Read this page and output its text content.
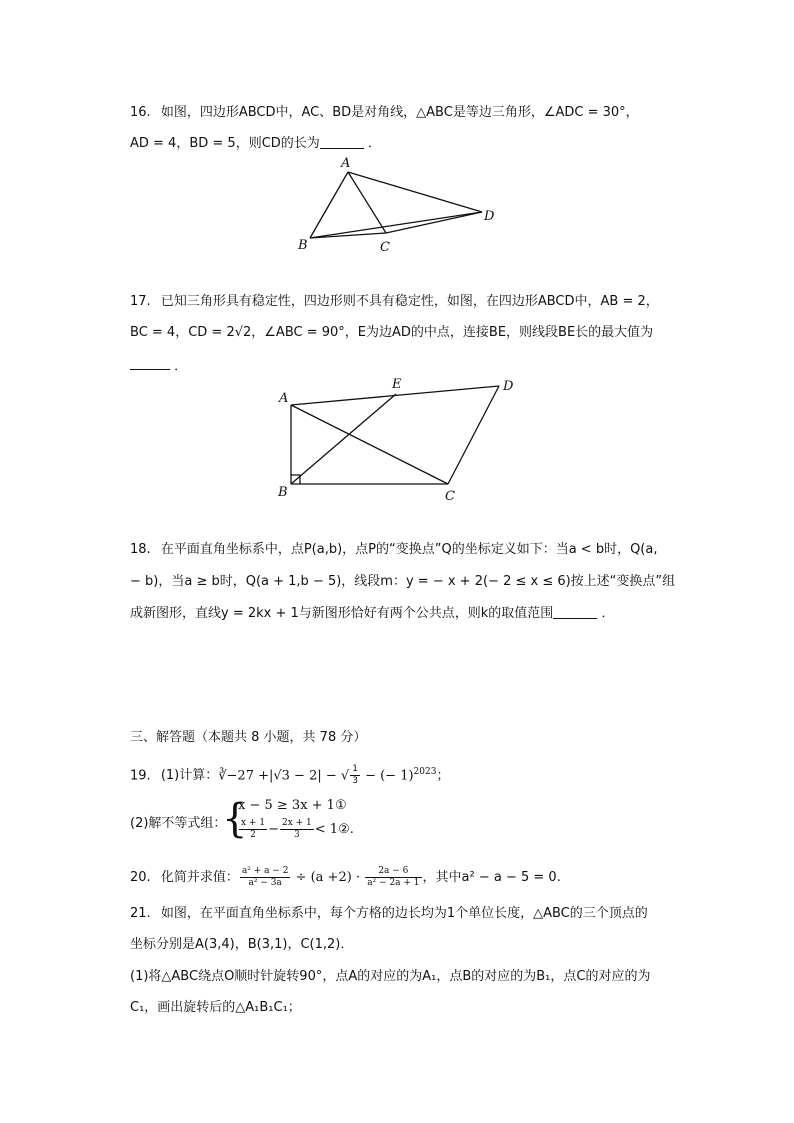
16. 如图，四边形ABCD中，AC、BD是对角线，△ABC是等边三角形，∠ADC = 30°，
AD = 4，BD = 5，则CD的长为	．
A
B	C
D
17. 已知三角形具有稳定性，四边形则不具有稳定性，如图，在四边形ABCD中，AB = 2，
BC = 4，CD = 2√2，∠ABC = 90°，E为边AD的中点，连接BE，则线段BE长的最大值为
．
A
B	C
D
E
18. 在平面直角坐标系中，点P(a,b)，点P的“变换点”Q的坐标定义如下：当a < b时，Q(a,
− b)，当a ≥ b时，Q(a + 1,b − 5)，线段m：y = − x + 2(− 2 ≤ x ≤ 6)按上述“变换点”组
成新图形，直线y = 2kx + 1与新图形恰好有两个公共点，则k的取值范围	．
三、解答题（本题共 8 小题，共 78 分）
19. (1)计算：∛−27 +|√3 − 2| − √ $\frac{1}{3}$ − (− 1)$^{2023}$；
(2)解不等式组：
{
x − 5 ≥ 3x + 1①
$\frac{x + 1}{2} - \frac{2x + 1}{3}$ < 1②.
20. 化简并求值： $\frac{\text{a² + a − 2}}{\text{a² − 3a}} \div (a +2) \cdot \frac{2a - 6}{\text{a² − 2a + 1}}$ ，其中a² − a − 5 = 0.
21. 如图，在平面直角坐标系中，每个方格的边长均为1个单位长度，△ABC的三个顶点的
坐标分别是A(3,4)，B(3,1)，C(1,2)．
(1)将△ABC绕点O顺时针旋转90°，点A的对应的为A₁，点B的对应的为B₁，点C的对应的为
C₁，画出旋转后的△A₁B₁C₁；
